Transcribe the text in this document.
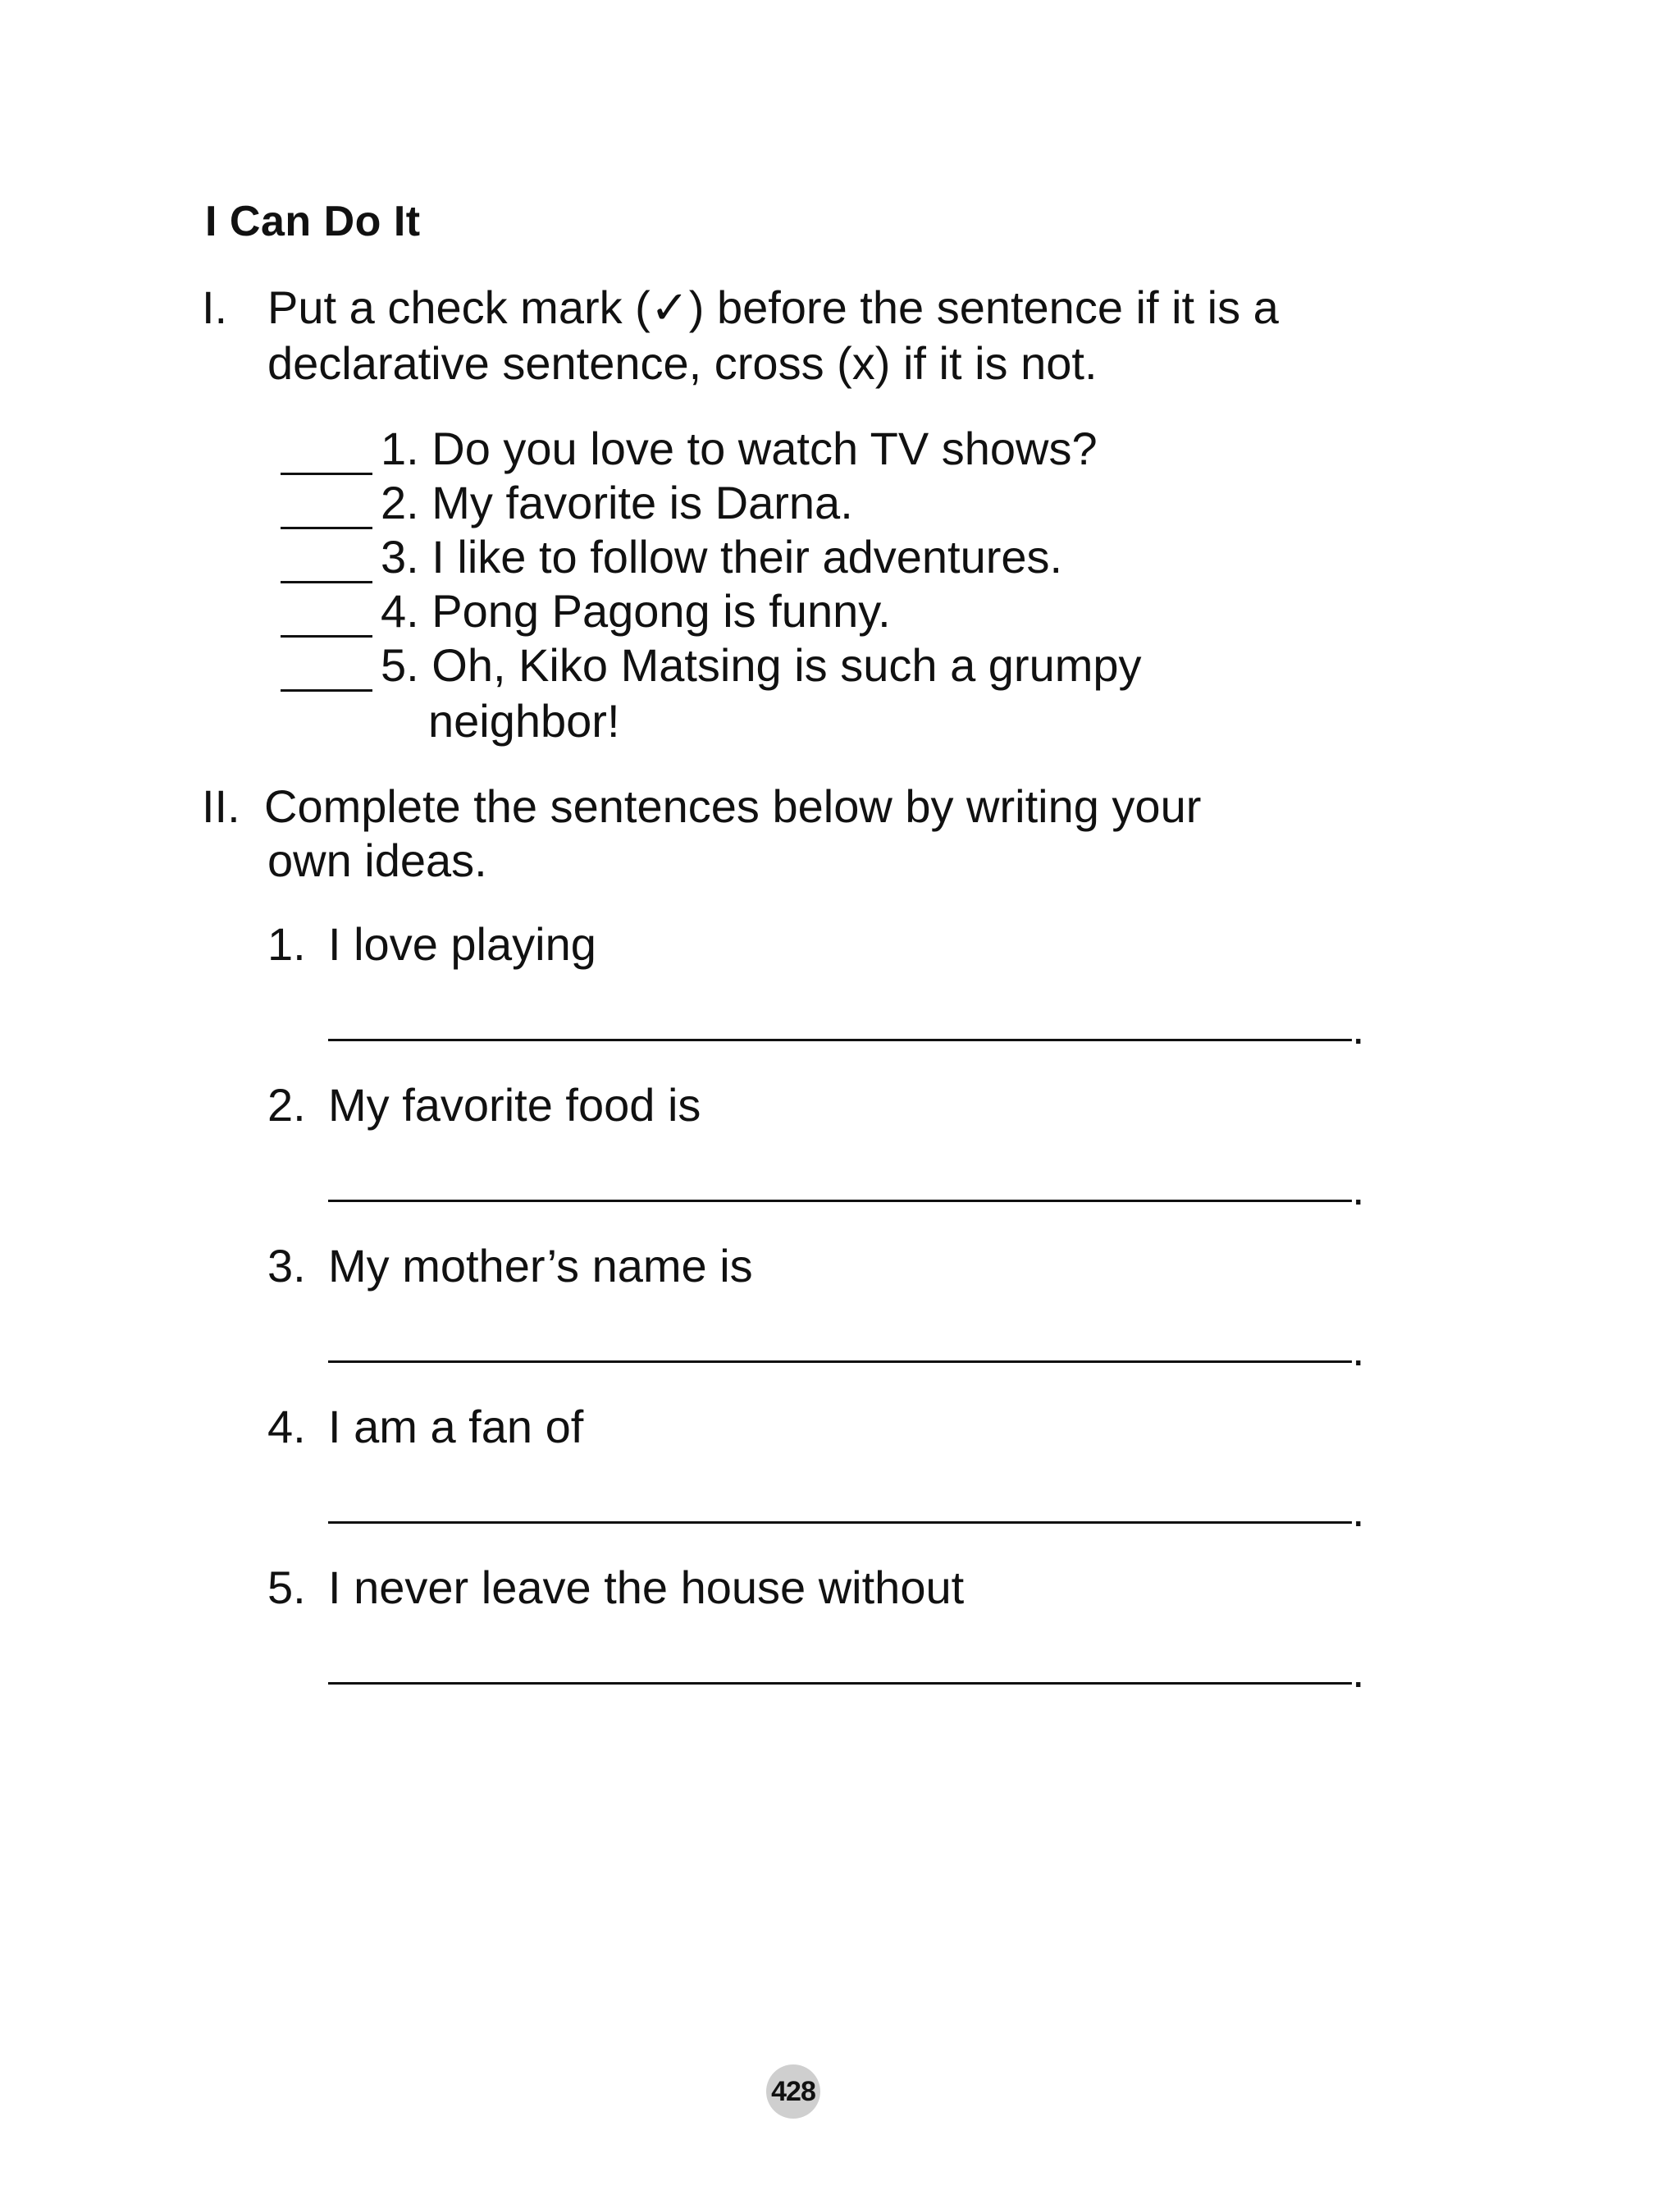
I Can Do It
I. Put a check mark (✓) before the sentence if it is a
declarative sentence, cross (x) if it is not.
1. Do you love to watch TV shows?
2. My favorite is Darna.
3. I like to follow their adventures.
4. Pong Pagong is funny.
5. Oh, Kiko Matsing is such a grumpy
neighbor!
II. Complete the sentences below by writing your
own ideas.
1. I love playing
.
2. My favorite food is
.
3. My mother’s name is
.
4. I am a fan of
.
5. I never leave the house without
.
428
